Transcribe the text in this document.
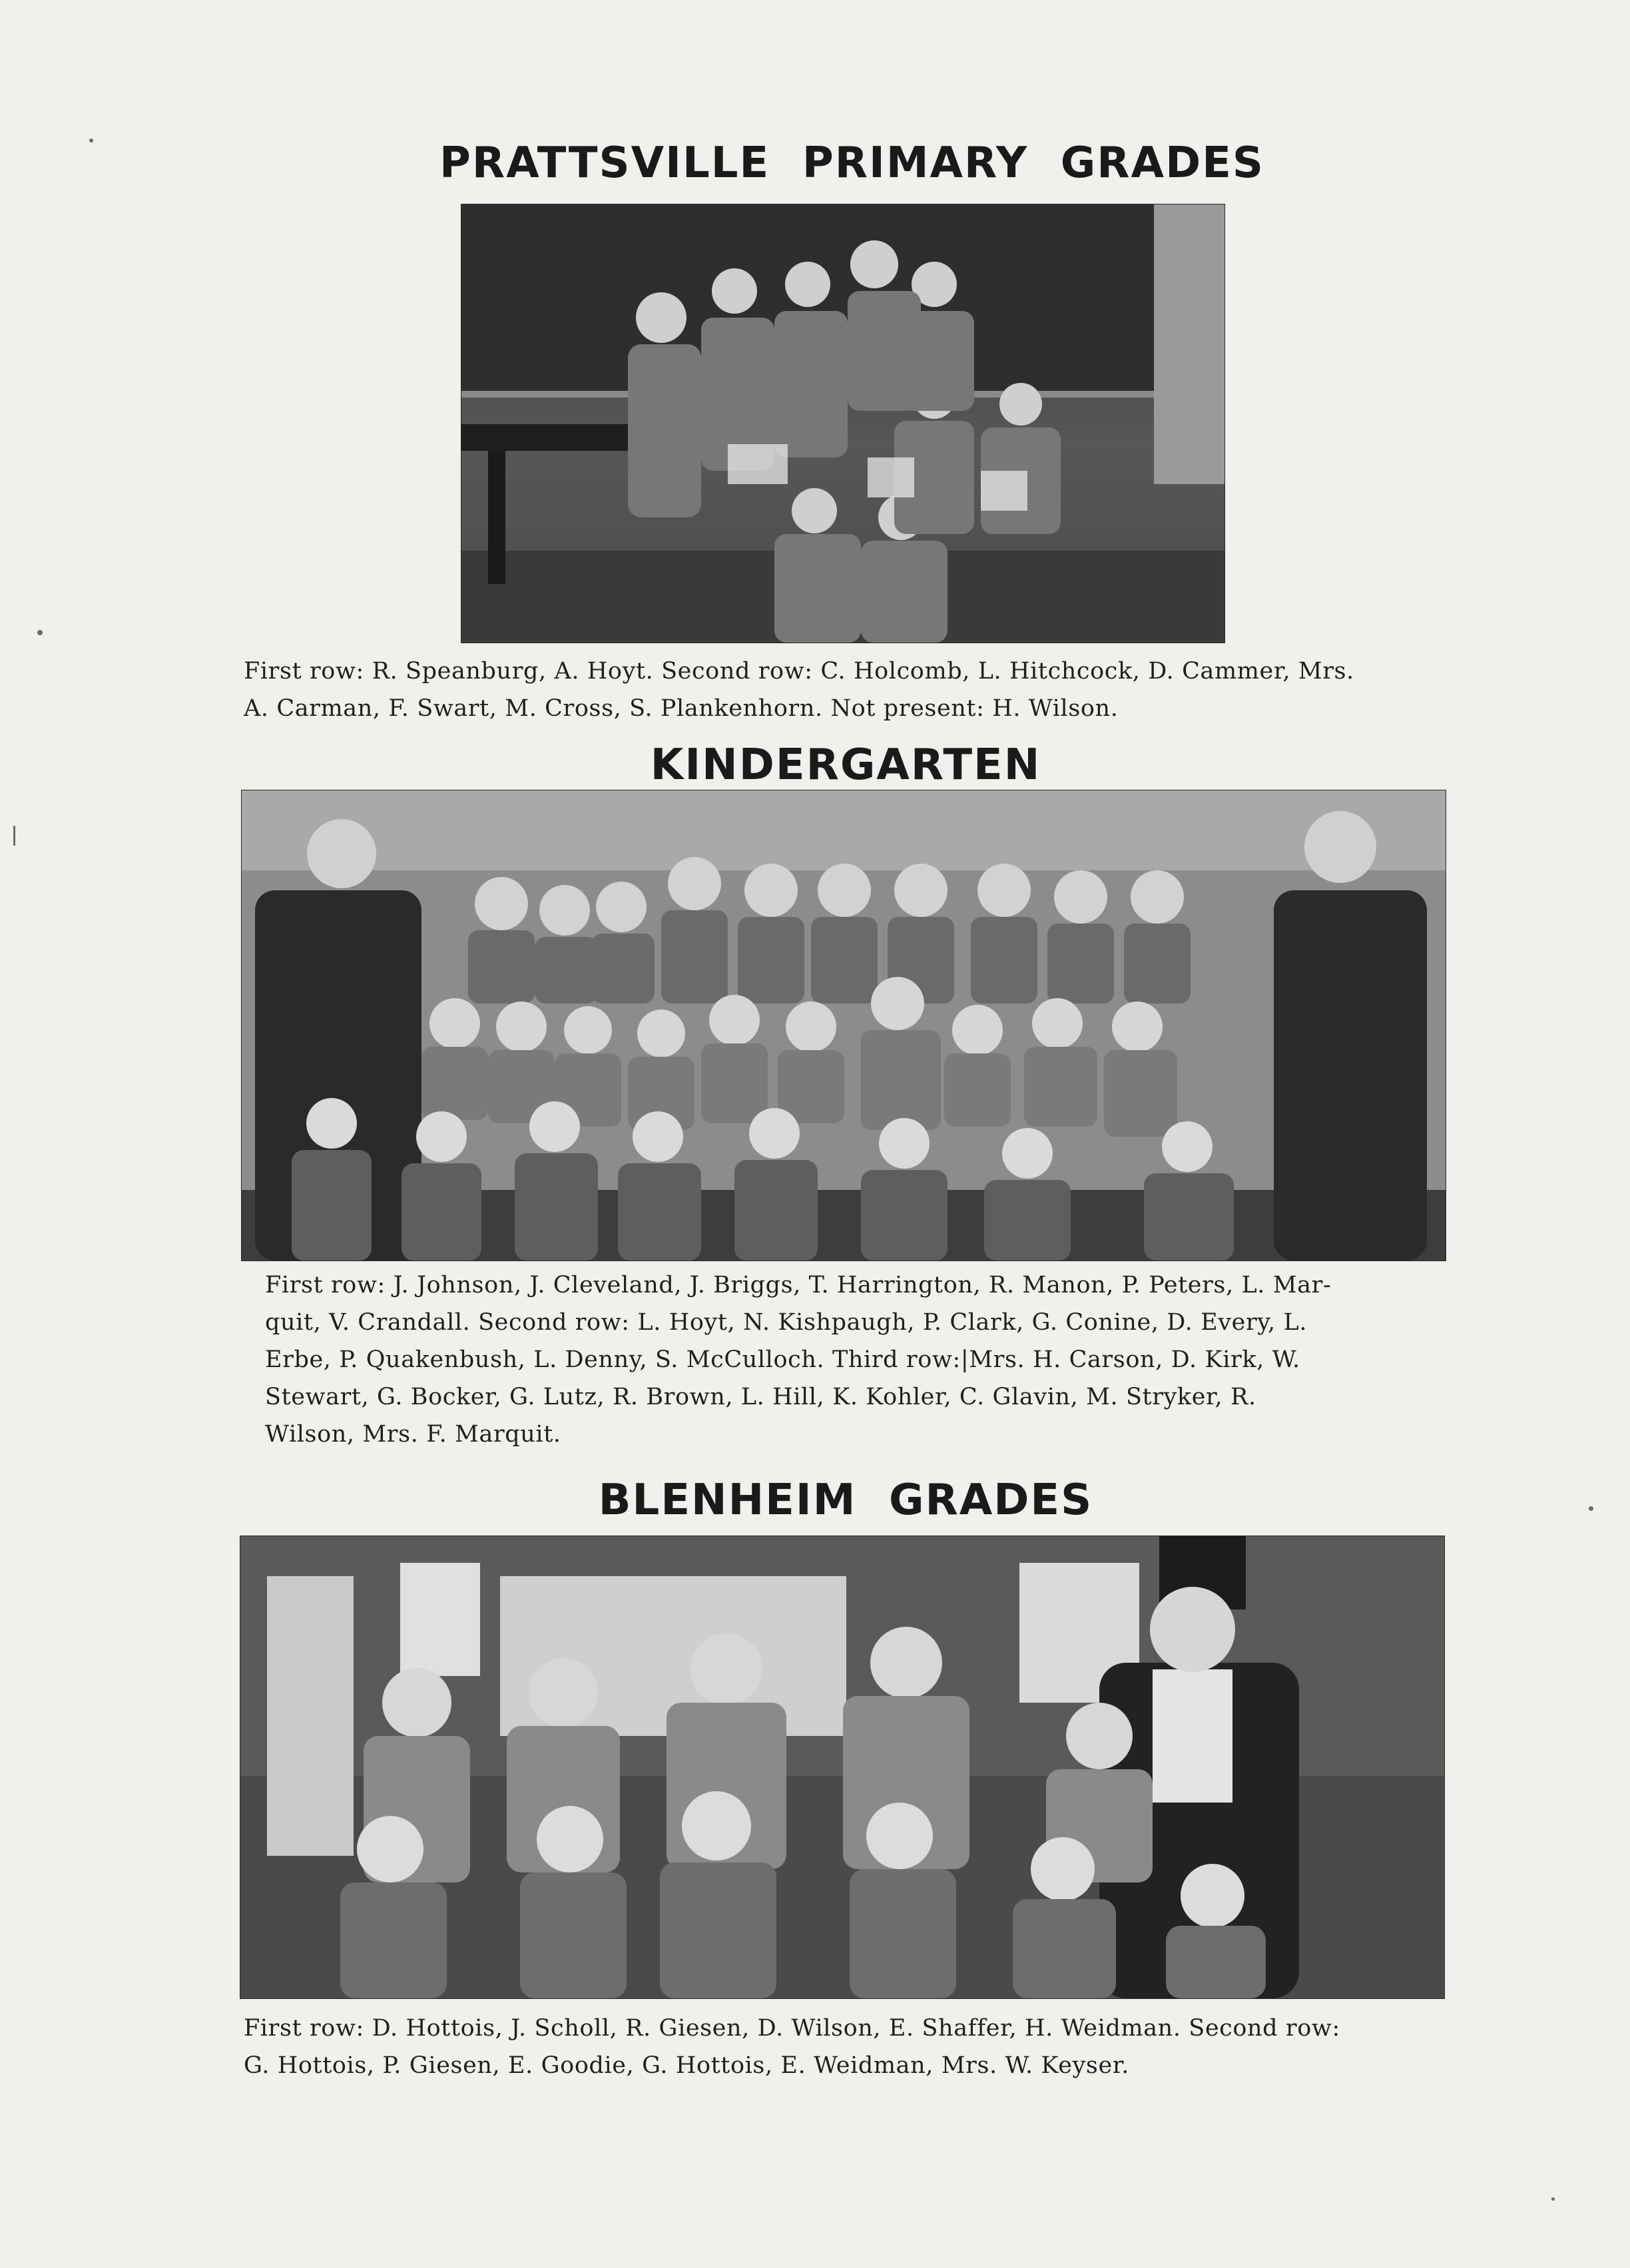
PRATTSVILLE  PRIMARY  GRADES

First row: R. Speanburg, A. Hoyt. Second row: C. Holcomb, L. Hitchcock, D. Cammer, Mrs.
A. Carman, F. Swart, M. Cross, S. Plankenhorn. Not present: H. Wilson.

KINDERGARTEN

First row: J. Johnson, J. Cleveland, J. Briggs, T. Harrington, R. Manon, P. Peters, L. Mar-
quit, V. Crandall. Second row: L. Hoyt, N. Kishpaugh, P. Clark, G. Conine, D. Every, L.
Erbe, P. Quakenbush, L. Denny, S. McCulloch. Third row:|Mrs. H. Carson, D. Kirk, W.
Stewart, G. Bocker, G. Lutz, R. Brown, L. Hill, K. Kohler, C. Glavin, M. Stryker, R.
Wilson, Mrs. F. Marquit.

BLENHEIM  GRADES

First row: D. Hottois, J. Scholl, R. Giesen, D. Wilson, E. Shaffer, H. Weidman. Second row:
G. Hottois, P. Giesen, E. Goodie, G. Hottois, E. Weidman, Mrs. W. Keyser.
